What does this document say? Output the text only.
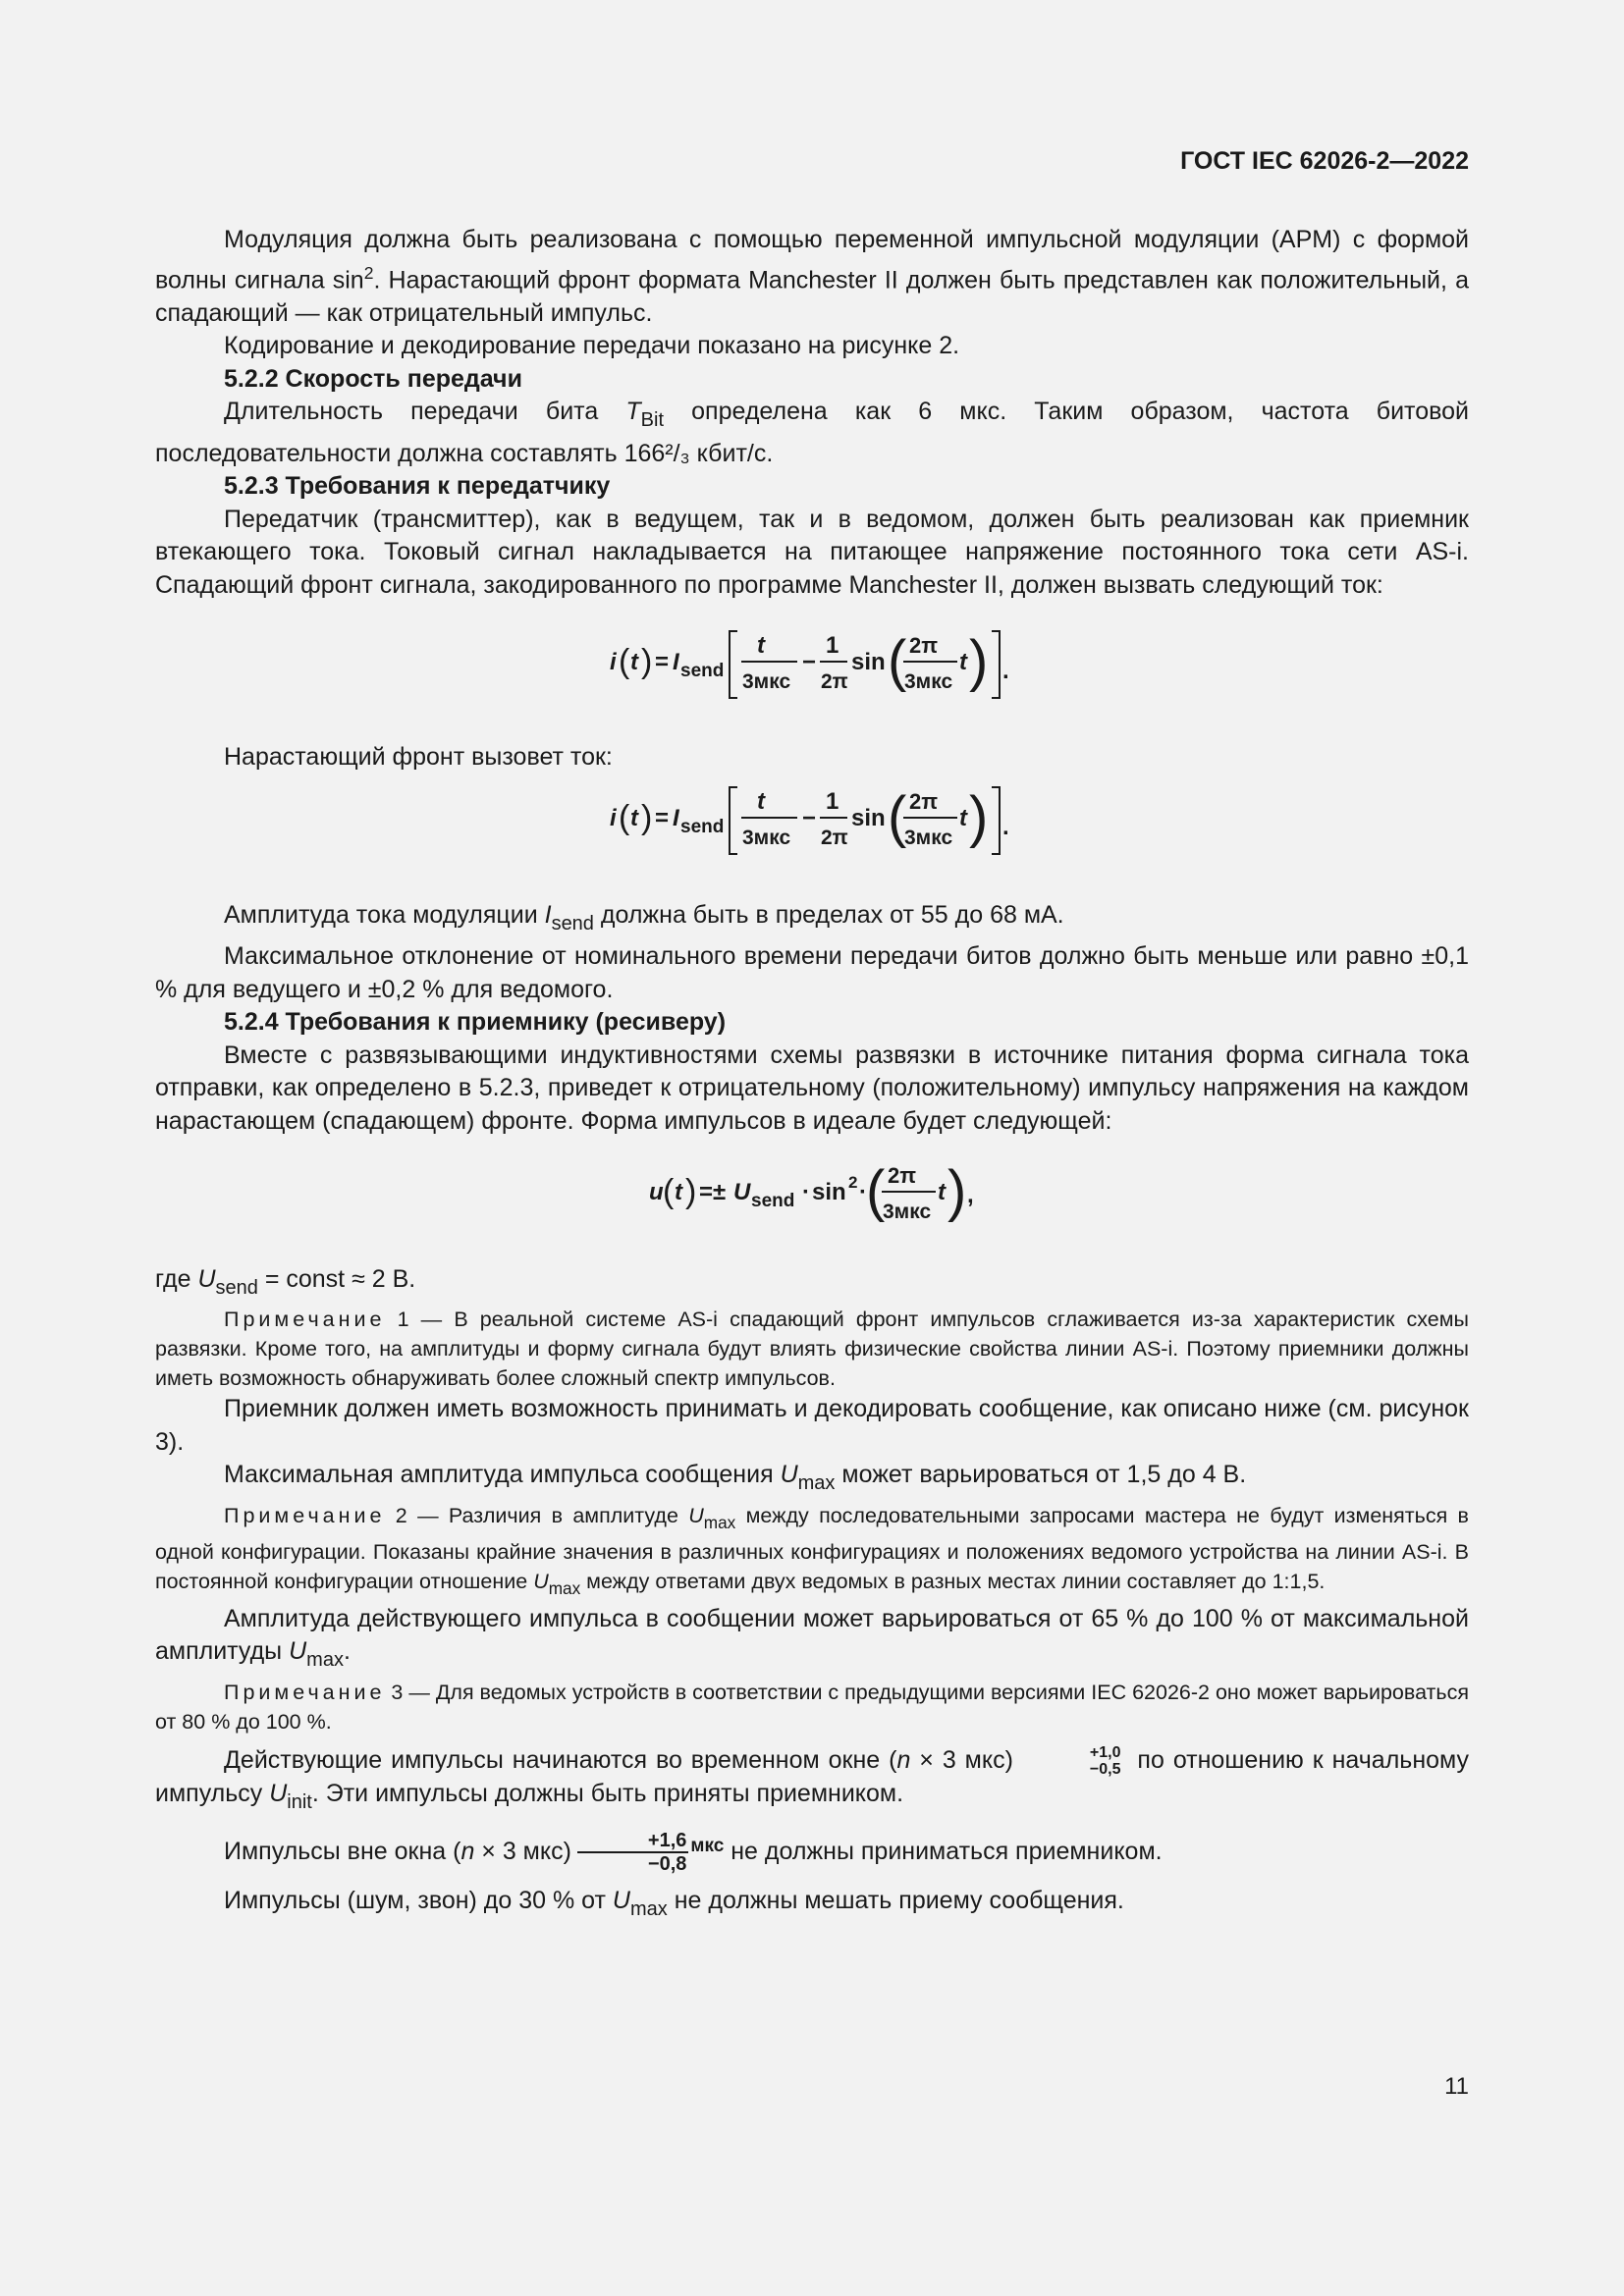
ГОСТ IEC 62026-2—2022

Модуляция должна быть реализована с помощью переменной импульсной модуляции (APM) с формой волны сигнала $\sin^2$. Нарастающий фронт формата Manchester II должен быть представлен как положительный, а спадающий — как отрицательный импульс.

Кодирование и декодирование передачи показано на рисунке 2.

5.2.2 Скорость передачи

Длительность передачи бита $T_{Bit}$ определена как 6 мкс. Таким образом, частота битовой последовательности должна составлять 166²/₃ кбит/с.

5.2.3 Требования к передатчику

Передатчик (трансмиттер), как в ведущем, так и в ведомом, должен быть реализован как приемник втекающего тока. Токовый сигнал накладывается на питающее напряжение постоянного тока сети AS-i. Спадающий фронт сигнала, закодированного по программе Manchester II, должен вызвать следующий ток:

i ( t ) = I send
t
3мкс
−
1
2π
sin ( 2π
3мкс
t ) .

Нарастающий фронт вызовет ток:

i ( t ) = I send
t
3мкс
−
1
2π
sin ( 2π
3мкс
t ) .

Амплитуда тока модуляции $I_{send}$ должна быть в пределах от 55 до 68 мА.

Максимальное отклонение от номинального времени передачи битов должно быть меньше или равно ±0,1 % для ведущего и ±0,2 % для ведомого.

5.2.4 Требования к приемнику (ресиверу)

Вместе с развязывающими индуктивностями схемы развязки в источнике питания форма сигнала тока отправки, как определено в 5.2.3, приведет к отрицательному (положительному) импульсу напряжения на каждом нарастающем (спадающем) фронте. Форма импульсов в идеале будет следующей:

u ( t ) =± U send · sin 2 · ( 2π
3мкс
t ) ,

где $U_{send}$ = const ≈ 2 В.

Примечание 1 — В реальной системе AS-i спадающий фронт импульсов сглаживается из-за характеристик схемы развязки. Кроме того, на амплитуды и форму сигнала будут влиять физические свойства линии AS-i. Поэтому приемники должны иметь возможность обнаруживать более сложный спектр импульсов.

Приемник должен иметь возможность принимать и декодировать сообщение, как описано ниже (см. рисунок 3).

Максимальная амплитуда импульса сообщения $U_{max}$ может варьироваться от 1,5 до 4 В.

Примечание 2 — Различия в амплитуде $U_{max}$ между последовательными запросами мастера не будут изменяться в одной конфигурации. Показаны крайние значения в различных конфигурациях и положениях ведомого устройства на линии AS-i. В постоянной конфигурации отношение $U_{max}$ между ответами двух ведомых в разных местах линии составляет до 1:1,5.

Амплитуда действующего импульса в сообщении может варьироваться от 65 % до 100 % от максимальной амплитуды $U_{max}$.

Примечание 3 — Для ведомых устройств в соответствии с предыдущими версиями IEC 62026-2 оно может варьироваться от 80 % до 100 %.

Действующие импульсы начинаются во временном окне (n × 3 мкс)	+1,0
−0,5 по отношению к начальному импульсу $U_{init}$. Эти импульсы должны быть приняты приемником.

Импульсы вне окна (n × 3 $мкс) \frac{+1,6}{-0,8} ^{мкс}$ не должны приниматься приемником.

Импульсы (шум, звон) до 30 % от $U_{max}$ не должны мешать приему сообщения.

11
